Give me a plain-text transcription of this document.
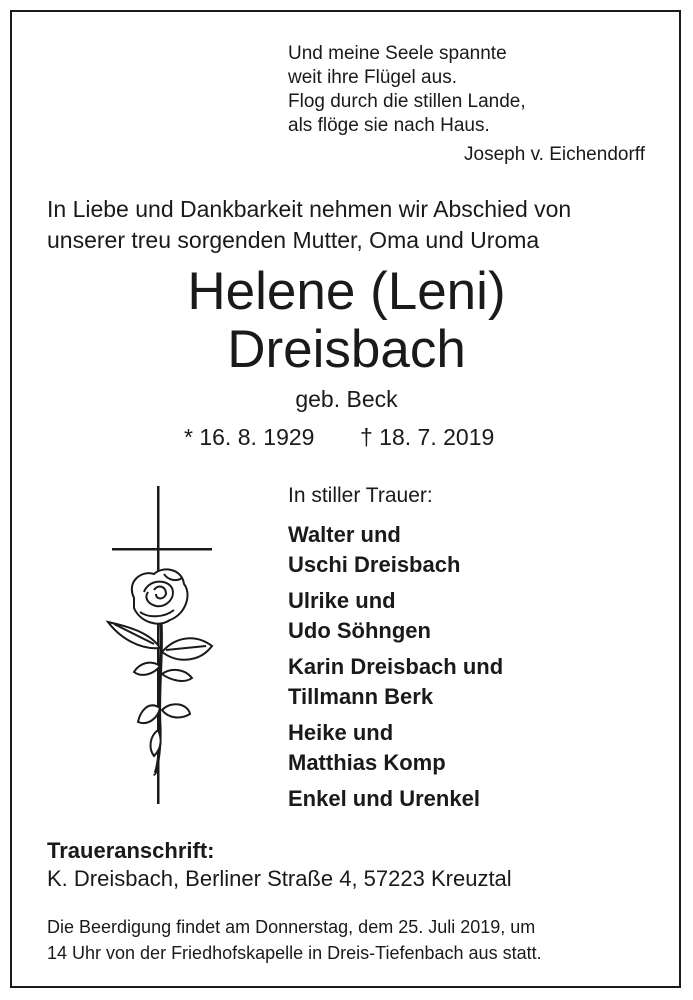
Und meine Seele spannte
weit ihre Flügel aus.
Flog durch die stillen Lande,
als flöge sie nach Haus.
Joseph v. Eichendorff
In Liebe und Dankbarkeit nehmen wir Abschied von
unserer treu sorgenden Mutter, Oma und Uroma
Helene (Leni)
Dreisbach
geb. Beck
* 16. 8. 1929 † 18. 7. 2019
In stiller Trauer:
Walter und
Uschi Dreisbach
Ulrike und
Udo Söhngen
Karin Dreisbach und
Tillmann Berk
Heike und
Matthias Komp
Enkel und Urenkel
Traueranschrift:
K. Dreisbach, Berliner Straße 4, 57223 Kreuztal
Die Beerdigung findet am Donnerstag, dem 25. Juli 2019, um
14 Uhr von der Friedhofskapelle in Dreis-Tiefenbach aus statt.
